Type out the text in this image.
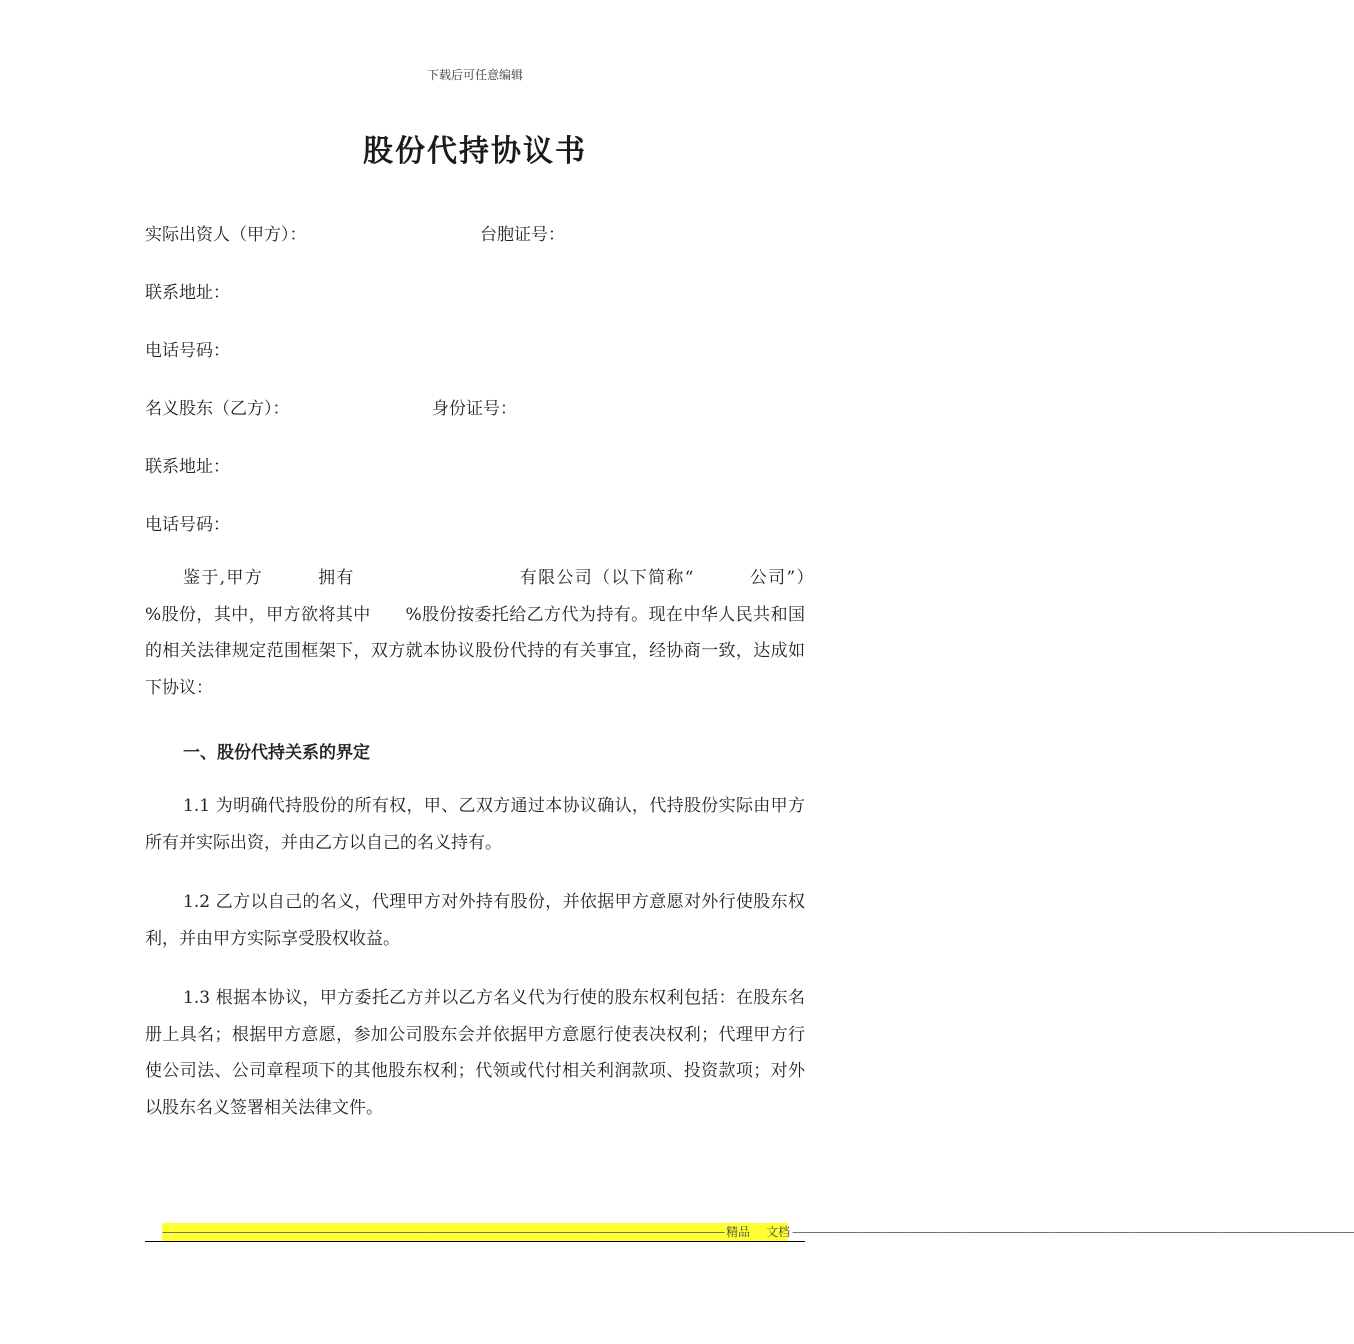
下载后可任意编辑
股份代持协议书
实际出资人（甲方）：	台胞证号：
联系地址：
电话号码：
名义股东（乙方）：	身份证号：
联系地址：
电话号码：
鉴于,甲方　　　拥有　　　　　　　　　有限公司（以下简称“　　　公司”）　　%股份，其中，甲方欲将其中　　%股份按委托给乙方代为持有。现在中华人民共和国的相关法律规定范围框架下，双方就本协议股份代持的有关事宜，经协商一致，达成如下协议：
一、股份代持关系的界定
1.1 为明确代持股份的所有权，甲、乙双方通过本协议确认，代持股份实际由甲方所有并实际出资，并由乙方以自己的名义持有。
1.2 乙方以自己的名义，代理甲方对外持有股份，并依据甲方意愿对外行使股东权利，并由甲方实际享受股权收益。
1.3 根据本协议，甲方委托乙方并以乙方名义代为行使的股东权利包括：在股东名册上具名；根据甲方意愿，参加公司股东会并依据甲方意愿行使表决权利；代理甲方行使公司法、公司章程项下的其他股东权利；代领或代付相关利润款项、投资款项；对外以股东名义签署相关法律文件。
---------------------------------------------------------------------------------------------------------------------------------------------------------------------------------------- 精品	文档 ----------------------------------------------------------------------------------------------------------------------------------------------------------------------------------------
